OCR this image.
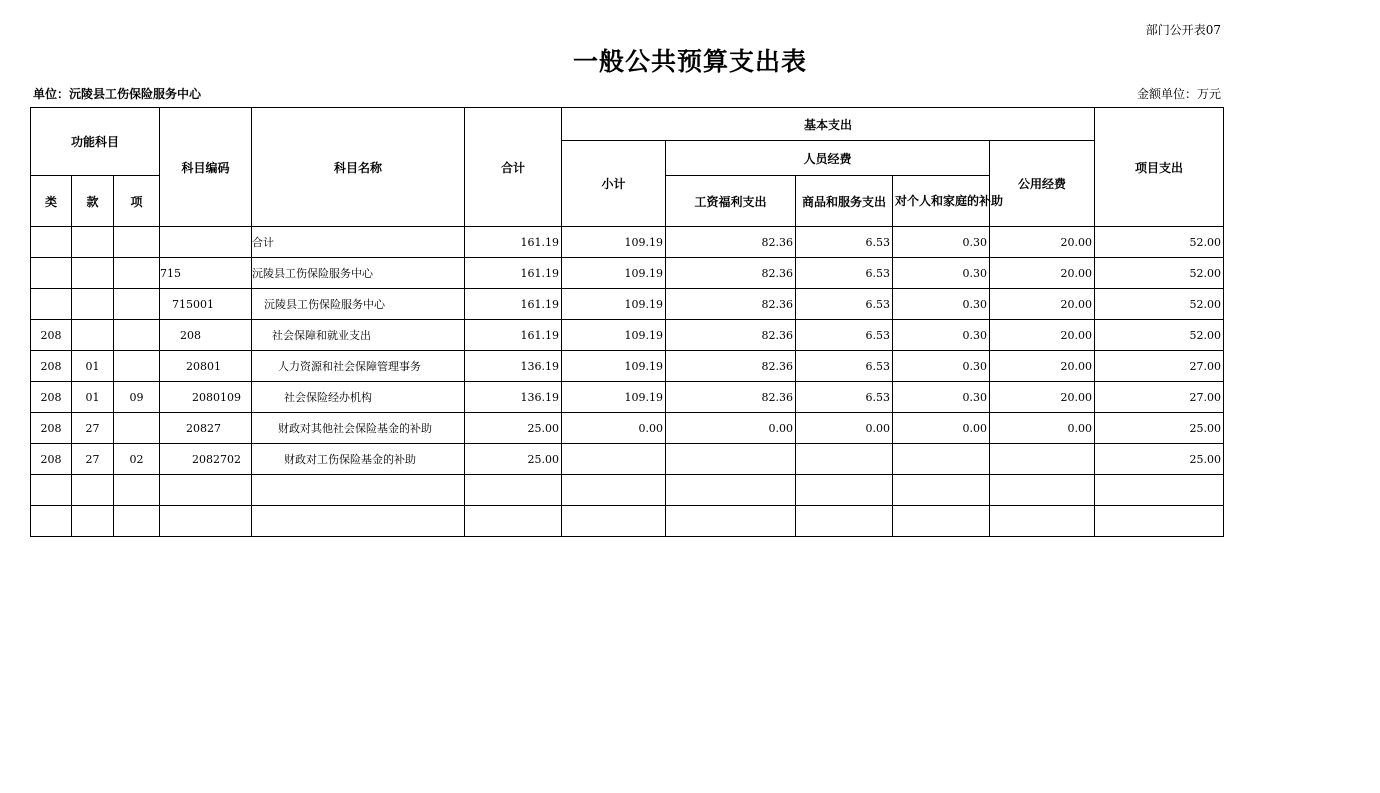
部门公开表07
一般公共预算支出表
单位：沅陵县工伤保险服务中心	金额单位：万元
功能科目			科目编码	科目名称	合计	基本支出					项目支出
						小计	人员经费			公用经费	
类	款	项					工资福利支出	商品和服务支出	对个人和家庭的补助		
				合计	161.19	109.19	82.36	6.53	0.30	20.00	52.00
			715	沅陵县工伤保险服务中心	161.19	109.19	82.36	6.53	0.30	20.00	52.00
			715001	沅陵县工伤保险服务中心	161.19	109.19	82.36	6.53	0.30	20.00	52.00
208			208	社会保障和就业支出	161.19	109.19	82.36	6.53	0.30	20.00	52.00
208	01		20801	人力资源和社会保障管理事务	136.19	109.19	82.36	6.53	0.30	20.00	27.00
208	01	09	2080109	社会保险经办机构	136.19	109.19	82.36	6.53	0.30	20.00	27.00
208	27		20827	财政对其他社会保险基金的补助	25.00	0.00	0.00	0.00	0.00	0.00	25.00
208	27	02	2082702	财政对工伤保险基金的补助	25.00						25.00
